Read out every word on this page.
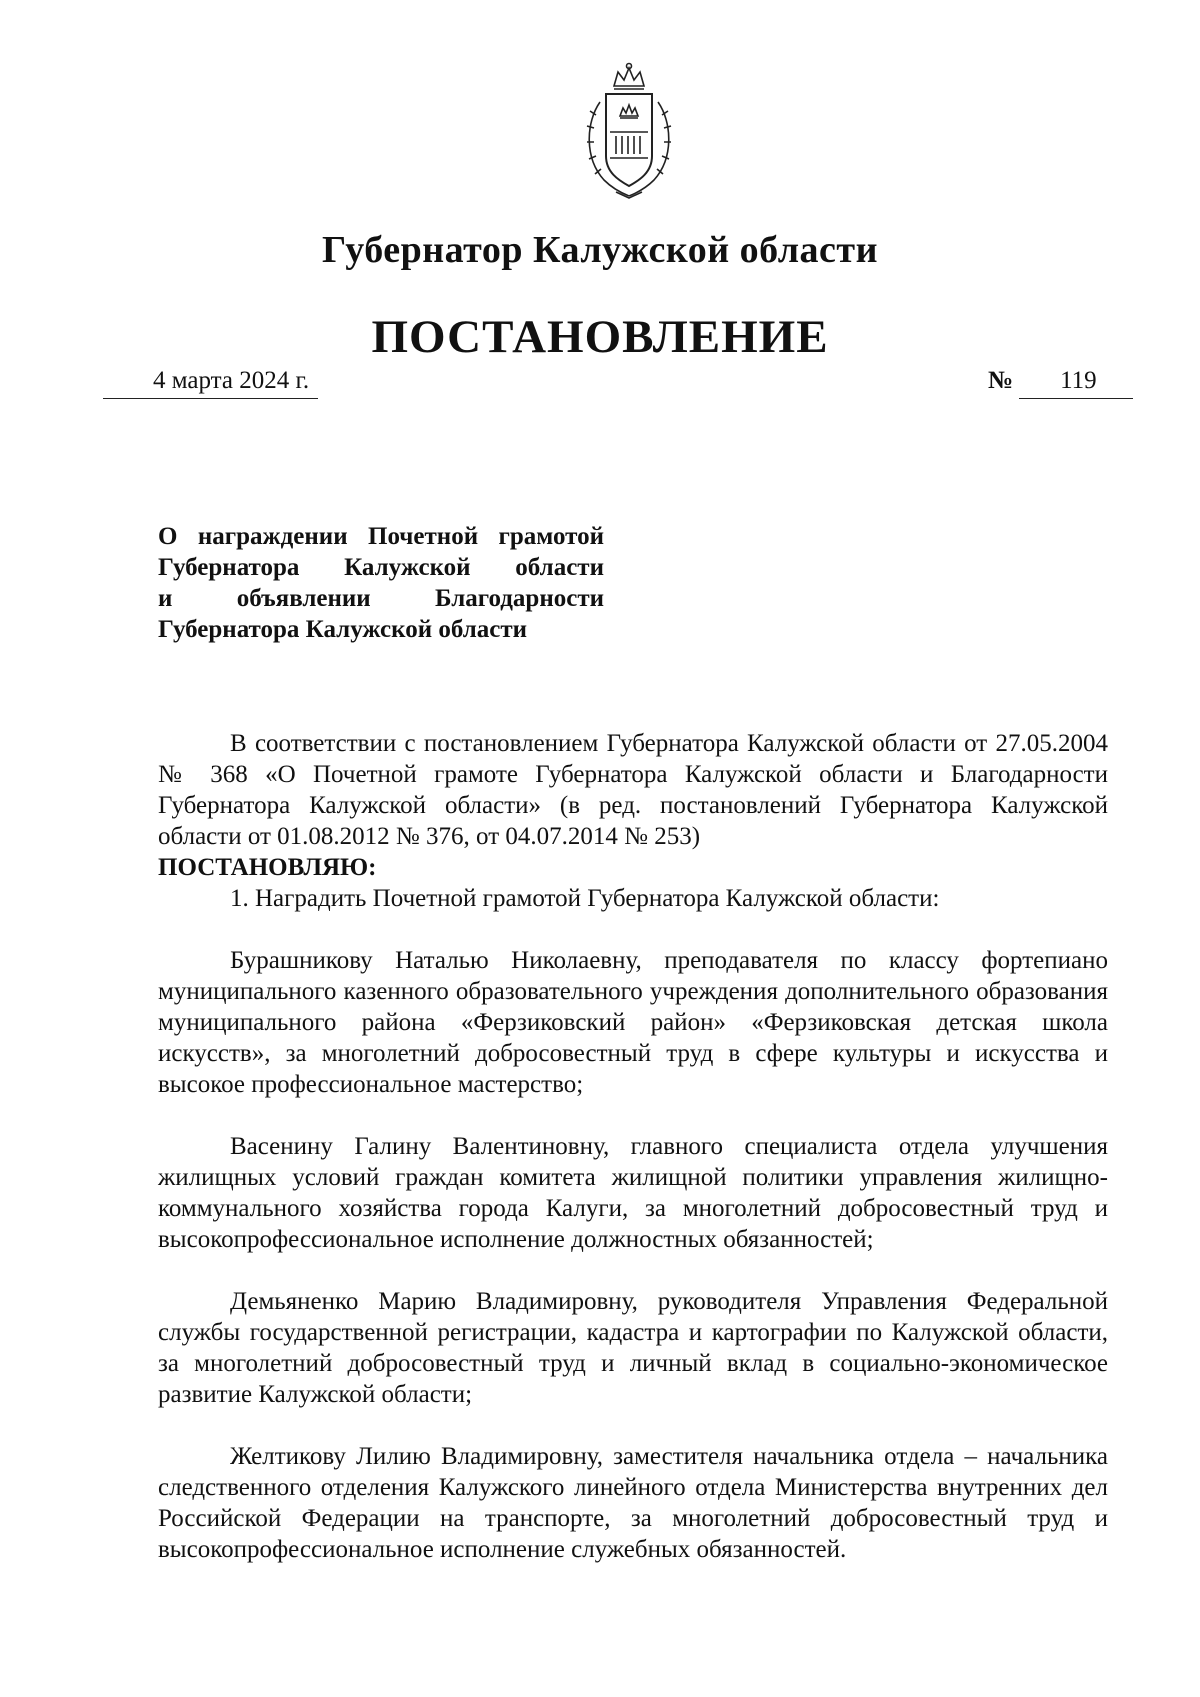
Губернатор Калужской области
ПОСТАНОВЛЕНИЕ
4 марта 2024 г.	№ 119
О награждении Почетной грамотой
Губернатора Калужской области
и объявлении Благодарности
Губернатора Калужской области

В соответствии с постановлением Губернатора Калужской области от 27.05.2004 № 368 «О Почетной грамоте Губернатора Калужской области и Благодарности Губернатора Калужской области» (в ред. постановлений Губернатора Калужской области от 01.08.2012 № 376, от 04.07.2014 № 253)

ПОСТАНОВЛЯЮ:

1. Наградить Почетной грамотой Губернатора Калужской области:

Бурашникову Наталью Николаевну, преподавателя по классу фортепиано муниципального казенного образовательного учреждения дополнительного образования муниципального района «Ферзиковский район» «Ферзиковская детская школа искусств», за многолетний добросовестный труд в сфере культуры и искусства и высокое профессиональное мастерство;

Васенину Галину Валентиновну, главного специалиста отдела улучшения жилищных условий граждан комитета жилищной политики управления жилищно-коммунального хозяйства города Калуги, за многолетний добросовестный труд и высокопрофессиональное исполнение должностных обязанностей;

Демьяненко Марию Владимировну, руководителя Управления Федеральной службы государственной регистрации, кадастра и картографии по Калужской области, за многолетний добросовестный труд и личный вклад в социально-экономическое развитие Калужской области;

Желтикову Лилию Владимировну, заместителя начальника отдела – начальника следственного отделения Калужского линейного отдела Министерства внутренних дел Российской Федерации на транспорте, за многолетний добросовестный труд и высокопрофессиональное исполнение служебных обязанностей.
